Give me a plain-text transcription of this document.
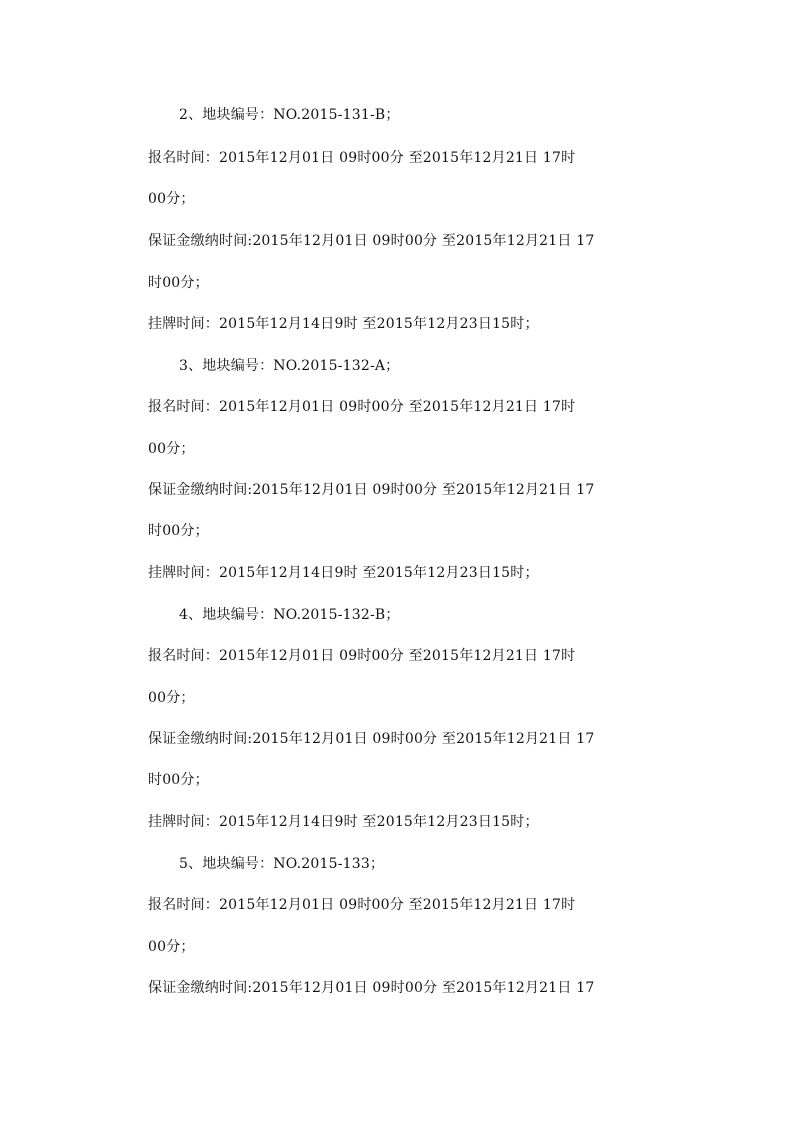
2、地块编号：NO.2015-131-B；
报名时间：2015年12月01日 09时00分 至2015年12月21日 17时
00分；
保证金缴纳时间:2015年12月01日 09时00分 至2015年12月21日 17
时00分；
挂牌时间：2015年12月14日9时 至2015年12月23日15时；
3、地块编号：NO.2015-132-A；
报名时间：2015年12月01日 09时00分 至2015年12月21日 17时
00分；
保证金缴纳时间:2015年12月01日 09时00分 至2015年12月21日 17
时00分；
挂牌时间：2015年12月14日9时 至2015年12月23日15时；
4、地块编号：NO.2015-132-B；
报名时间：2015年12月01日 09时00分 至2015年12月21日 17时
00分；
保证金缴纳时间:2015年12月01日 09时00分 至2015年12月21日 17
时00分；
挂牌时间：2015年12月14日9时 至2015年12月23日15时；
5、地块编号：NO.2015-133；
报名时间：2015年12月01日 09时00分 至2015年12月21日 17时
00分；
保证金缴纳时间:2015年12月01日 09时00分 至2015年12月21日 17
